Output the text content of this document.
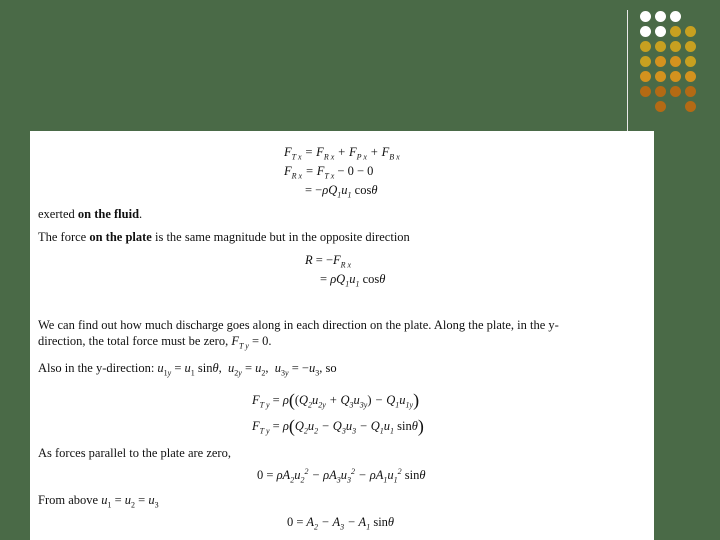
$F_{T x} = F_{R x} + F_{P x} + F_{B x}$
$F_{R x} = F_{T x} - 0 - 0$
= $-\rho Q_1u_1$ cosθ
exerted on the fluid.
The force on the plate is the same magnitude but in the opposite direction
$R = -F_{R x}$
= $\rho Q_1u_1$ cosθ
We can find out how much discharge goes along in each direction on the plate. Along the plate, in the y-
direction, the total force must be zero, $F_{T y} = 0$.
Also in the y-direction: $u_{1y} = u_1$ sinθ,  $u_{2y} = u_2$,  $u_{3y} = -u_3$, so
$F_{T y} = \rho((Q_2u_{2y} + Q_3u_{3y}) - Q_1u_{1y})$
$F_{T y} = \rho(Q_2u_2 - Q_3u_3 - Q_1u_1$ sinθ)
As forces parallel to the plate are zero,
$0 = \rho A_2u_2^2 - \rho A_3u_3^2 - \rho A_1u_1^2$ sinθ
From above $u_1 = u_2 = u_3$
$0 = A_2 - A_3 - A_1$ sinθ
